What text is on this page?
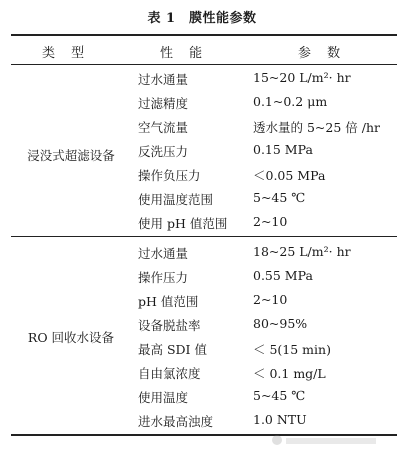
表 1　膜性能参数
类 型	性 能	参 数
浸没式超滤设备
过水通量	15~20 L/m²· hr
过滤精度	0.1~0.2 μm
空气流量	透水量的 5~25 倍 /hr
反洗压力	0.15 MPa
操作负压力	＜0.05 MPa
使用温度范围	5~45 ℃
使用 pH 值范围 2~10
RO 回收水设备
过水通量	18~25 L/m²· hr
操作压力	0.55 MPa
pH 值范围	2~10
设备脱盐率	80~95%
最高 SDI 值	＜ 5(15 min)
自由氯浓度	＜ 0.1 mg/L
使用温度	5~45 ℃
进水最高浊度	1.0 NTU
